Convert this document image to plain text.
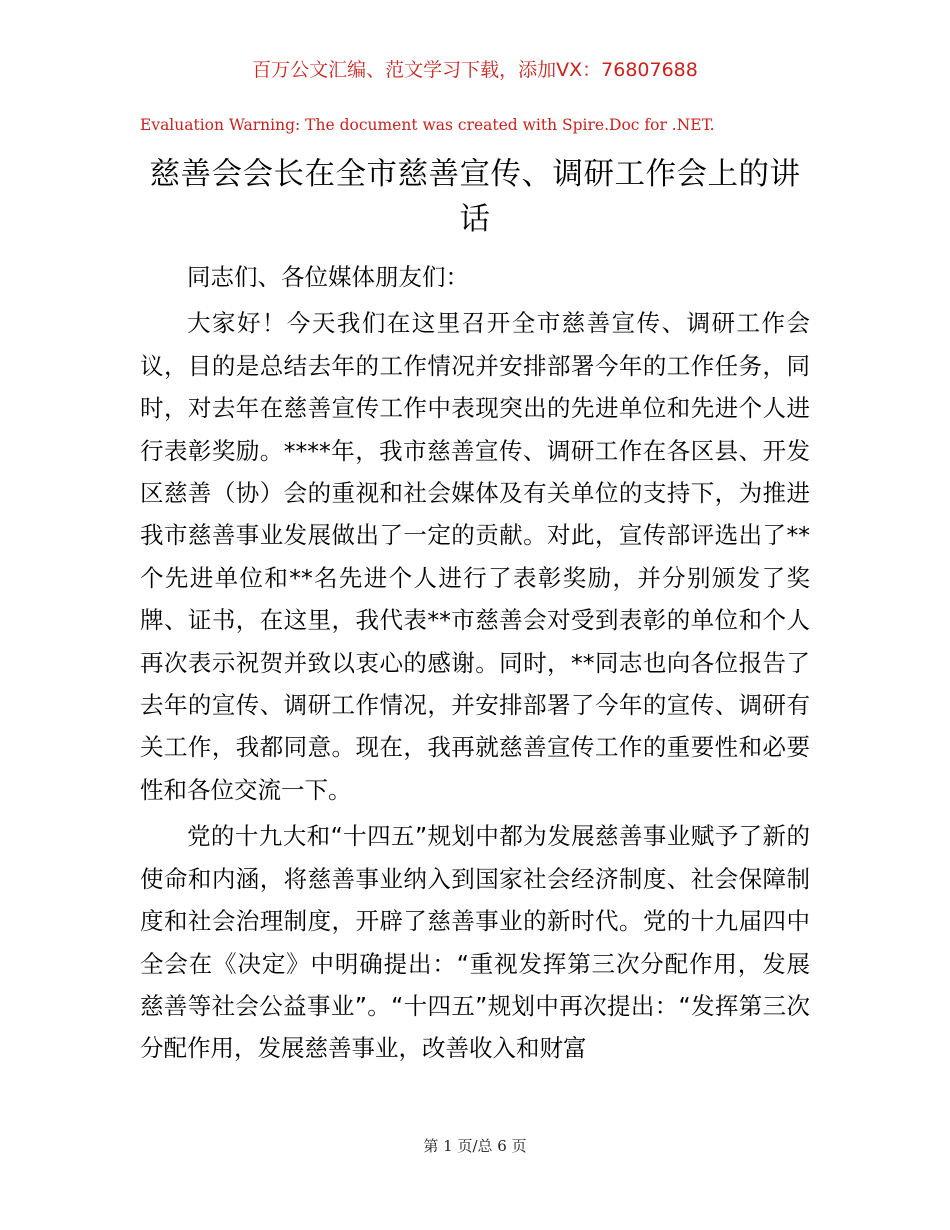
百万公文汇编、范文学习下载，添加VX：76807688
Evaluation Warning: The document was created with Spire.Doc for .NET.
慈善会会长在全市慈善宣传、调研工作会上的讲话

同志们、各位媒体朋友们：

大家好！今天我们在这里召开全市慈善宣传、调研工作会议，目的是总结去年的工作情况并安排部署今年的工作任务，同时，对去年在慈善宣传工作中表现突出的先进单位和先进个人进行表彰奖励。****年，我市慈善宣传、调研工作在各区县、开发区慈善（协）会的重视和社会媒体及有关单位的支持下，为推进我市慈善事业发展做出了一定的贡献。对此，宣传部评选出了**个先进单位和**名先进个人进行了表彰奖励，并分别颁发了奖牌、证书，在这里，我代表**市慈善会对受到表彰的单位和个人再次表示祝贺并致以衷心的感谢。同时，**同志也向各位报告了去年的宣传、调研工作情况，并安排部署了今年的宣传、调研有关工作，我都同意。现在，我再就慈善宣传工作的重要性和必要性和各位交流一下。

党的十九大和“十四五”规划中都为发展慈善事业赋予了新的使命和内涵，将慈善事业纳入到国家社会经济制度、社会保障制度和社会治理制度，开辟了慈善事业的新时代。党的十九届四中全会在《决定》中明确提出：“重视发挥第三次分配作用，发展慈善等社会公益事业”。“十四五”规划中再次提出：“发挥第三次分配作用，发展慈善事业，改善收入和财富

第 1 页/总 6 页
